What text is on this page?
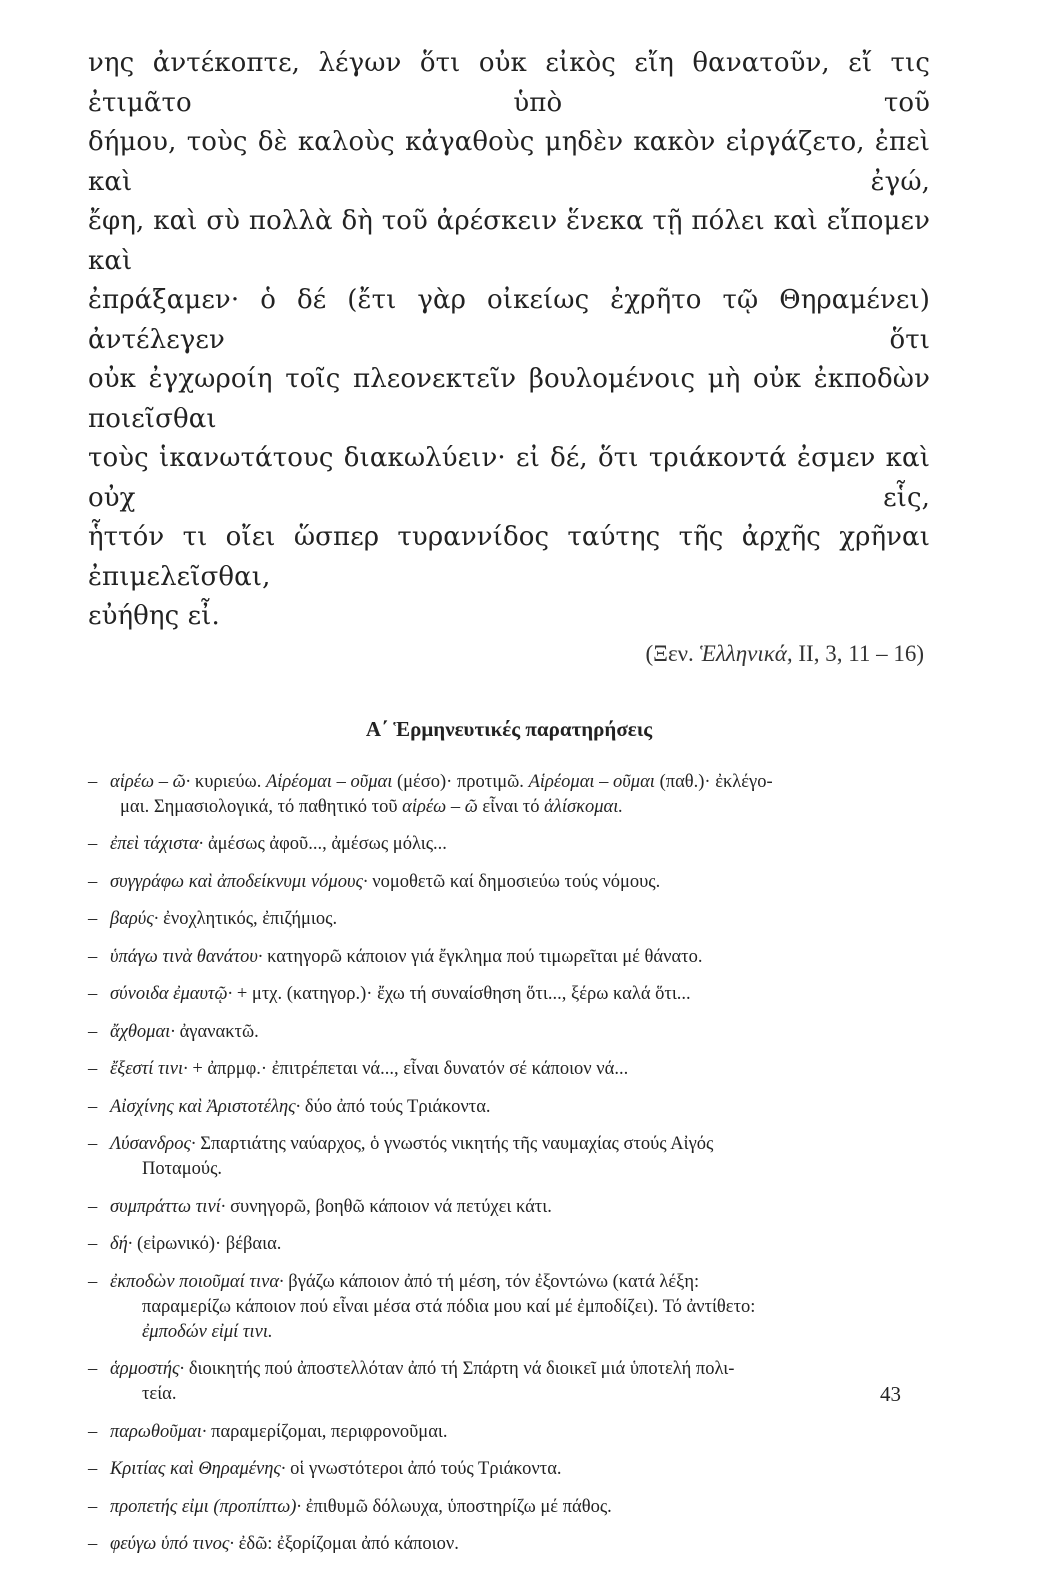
νης ἀντέκοπτε, λέγων ὅτι οὐκ εἰκὸς εἴη θανατοῦν, εἴ τις ἐτιμᾶτο ὑπὸ τοῦ

δήμου, τοὺς δὲ καλοὺς κἀγαθοὺς μηδὲν κακὸν εἰργάζετο, ἐπεὶ καὶ ἐγώ,

ἔφη, καὶ σὺ πολλὰ δὴ τοῦ ἀρέσκειν ἕνεκα τῇ πόλει καὶ εἴπομεν καὶ

ἐπράξαμεν· ὁ δέ (ἔτι γὰρ οἰκείως ἐχρῆτο τῷ Θηραμένει) ἀντέλεγεν ὅτι

οὐκ ἐγχωροίη τοῖς πλεονεκτεῖν βουλομένοις μὴ οὐκ ἐκποδὼν ποιεῖσθαι

τοὺς ἱκανωτάτους διακωλύειν· εἰ δέ, ὅτι τριάκοντά ἐσμεν καὶ οὐχ εἷς,

ἧττόν τι οἴει ὥσπερ τυραννίδος ταύτης τῆς ἀρχῆς χρῆναι ἐπιμελεῖσθαι,

εὐήθης εἶ.

(Ξεν. Ἑλληνικά, II, 3, 11 – 16)
Α΄ Ἑρμηνευτικές παρατηρήσεις
– αἱρέω – ῶ· κυριεύω. Αἱρέομαι – οῦμαι (μέσο)· προτιμῶ. Αἱρέομαι – οῦμαι (παθ.)· ἐκλέγο-
μαι. Σημασιολογικά, τό παθητικό τοῦ αἱρέω – ῶ εἶναι τό ἁλίσκομαι.
– ἐπεὶ τάχιστα· ἀμέσως ἀφοῦ..., ἀμέσως μόλις...
– συγγράφω καὶ ἀποδείκνυμι νόμους· νομοθετῶ καί δημοσιεύω τούς νόμους.
– βαρύς· ἐνοχλητικός, ἐπιζήμιος.
– ὑπάγω τινὰ θανάτου· κατηγορῶ κάποιον γιά ἔγκλημα πού τιμωρεῖται μέ θάνατο.
– σύνοιδα ἐμαυτῷ· + μτχ. (κατηγορ.)· ἔχω τή συναίσθηση ὅτι..., ξέρω καλά ὅτι...
– ἄχθομαι· ἀγανακτῶ.
– ἔξεστί τινι· + ἀπρμφ.· ἐπιτρέπεται νά..., εἶναι δυνατόν σέ κάποιον νά...
– Αἰσχίνης καὶ Ἀριστοτέλης· δύο ἀπό τούς Τριάκοντα.
– Λύσανδρος· Σπαρτιάτης ναύαρχος, ὁ γνωστός νικητής τῆς ναυμαχίας στούς Αἰγός
Ποταμούς.
– συμπράττω τινί· συνηγορῶ, βοηθῶ κάποιον νά πετύχει κάτι.
– δή· (εἰρωνικό)· βέβαια.
– ἐκποδὼν ποιοῦμαί τινα· βγάζω κάποιον ἀπό τή μέση, τόν ἐξοντώνω (κατά λέξη:
παραμερίζω κάποιον πού εἶναι μέσα στά πόδια μου καί μέ ἐμποδίζει). Τό ἀντίθετο:
ἐμποδών εἰμί τινι.
– ἁρμοστής· διοικητής πού ἀποστελλόταν ἀπό τή Σπάρτη νά διοικεῖ μιά ὑποτελή πολι-
τεία.
– παρωθοῦμαι· παραμερίζομαι, περιφρονοῦμαι.
– Κριτίας καὶ Θηραμένης· οἱ γνωστότεροι ἀπό τούς Τριάκοντα.
– προπετής εἰμι (προπίπτω)· ἐπιθυμῶ δόλωυχα, ὑποστηρίζω μέ πάθος.
– φεύγω ὑπό τινος· ἐδῶ: ἐξορίζομαι ἀπό κάποιον.
43
